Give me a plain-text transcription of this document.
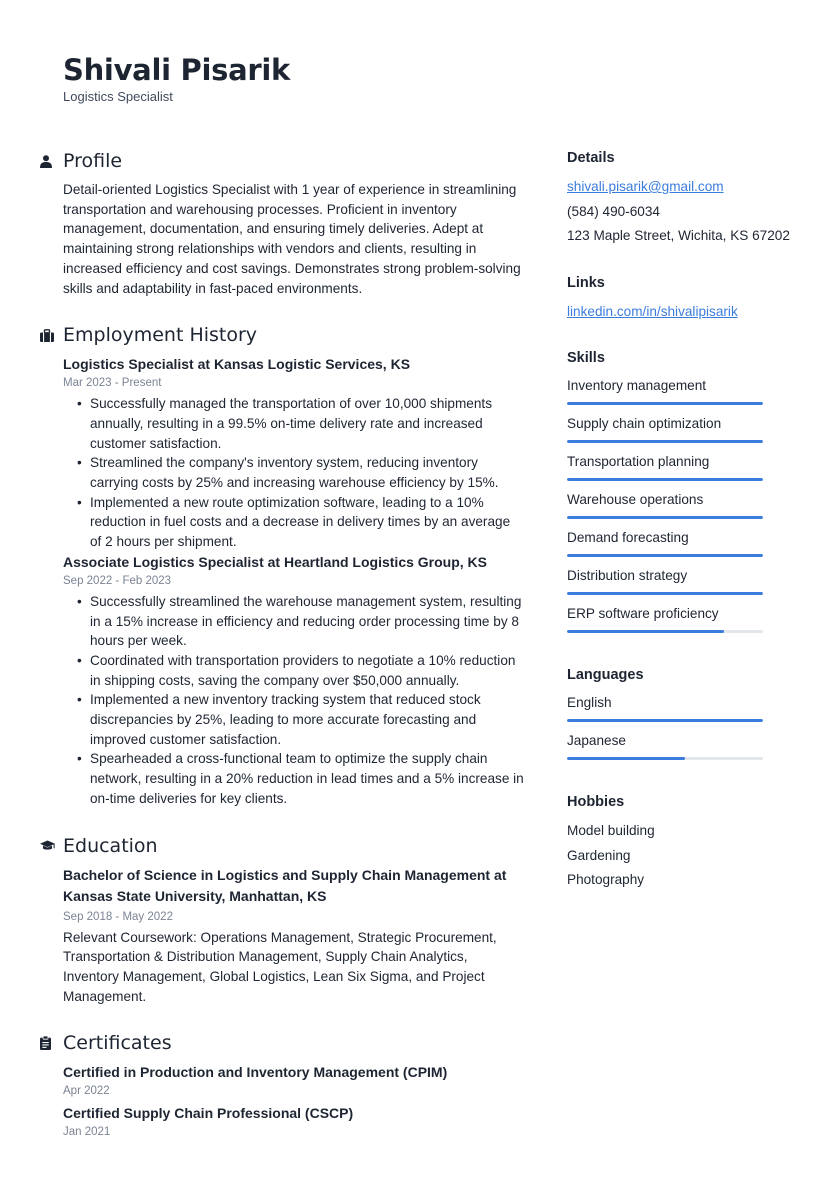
Shivali Pisarik
Logistics Specialist
Profile

Detail-oriented Logistics Specialist with 1 year of experience in streamlining transportation and warehousing processes. Proficient in inventory management, documentation, and ensuring timely deliveries. Adept at maintaining strong relationships with vendors and clients, resulting in increased efficiency and cost savings. Demonstrates strong problem-solving skills and adaptability in fast-paced environments.

Employment History
Logistics Specialist at Kansas Logistic Services, KS
Mar 2023 - Present
• Successfully managed the transportation of over 10,000 shipments annually, resulting in a 99.5% on-time delivery rate and increased customer satisfaction.
• Streamlined the company's inventory system, reducing inventory carrying costs by 25% and increasing warehouse efficiency by 15%.
• Implemented a new route optimization software, leading to a 10% reduction in fuel costs and a decrease in delivery times by an average of 2 hours per shipment.
Associate Logistics Specialist at Heartland Logistics Group, KS
Sep 2022 - Feb 2023
• Successfully streamlined the warehouse management system, resulting in a 15% increase in efficiency and reducing order processing time by 8 hours per week.
• Coordinated with transportation providers to negotiate a 10% reduction in shipping costs, saving the company over $50,000 annually.
• Implemented a new inventory tracking system that reduced stock discrepancies by 25%, leading to more accurate forecasting and improved customer satisfaction.
• Spearheaded a cross-functional team to optimize the supply chain network, resulting in a 20% reduction in lead times and a 5% increase in on-time deliveries for key clients.
Education
Bachelor of Science in Logistics and Supply Chain Management at Kansas State University, Manhattan, KS
Sep 2018 - May 2022

Relevant Coursework: Operations Management, Strategic Procurement, Transportation & Distribution Management, Supply Chain Analytics, Inventory Management, Global Logistics, Lean Six Sigma, and Project Management.

Certificates
Certified in Production and Inventory Management (CPIM)
Apr 2022
Certified Supply Chain Professional (CSCP)
Jan 2021
Details
shivali.pisarik@gmail.com
(584) 490-6034
123 Maple Street, Wichita, KS 67202
Links
linkedin.com/in/shivalipisarik
Skills
Inventory management
Supply chain optimization
Transportation planning
Warehouse operations
Demand forecasting
Distribution strategy
ERP software proficiency
Languages
English
Japanese
Hobbies
Model building
Gardening
Photography
